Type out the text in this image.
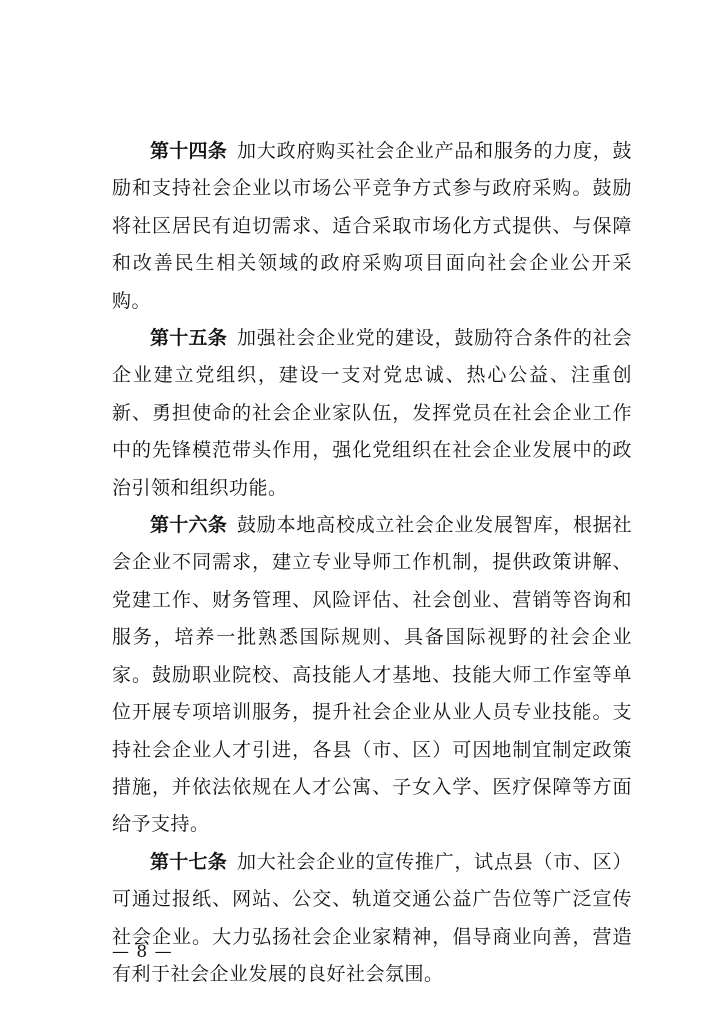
第十四条 加大政府购买社会企业产品和服务的力度，鼓励和支持社会企业以市场公平竞争方式参与政府采购。鼓励将社区居民有迫切需求、适合采取市场化方式提供、与保障和改善民生相关领域的政府采购项目面向社会企业公开采购。

第十五条 加强社会企业党的建设，鼓励符合条件的社会企业建立党组织，建设一支对党忠诚、热心公益、注重创新、勇担使命的社会企业家队伍，发挥党员在社会企业工作中的先锋模范带头作用，强化党组织在社会企业发展中的政治引领和组织功能。

第十六条 鼓励本地高校成立社会企业发展智库，根据社会企业不同需求，建立专业导师工作机制，提供政策讲解、党建工作、财务管理、风险评估、社会创业、营销等咨询和服务，培养一批熟悉国际规则、具备国际视野的社会企业家。鼓励职业院校、高技能人才基地、技能大师工作室等单位开展专项培训服务，提升社会企业从业人员专业技能。支持社会企业人才引进，各县（市、区）可因地制宜制定政策措施，并依法依规在人才公寓、子女入学、医疗保障等方面给予支持。

第十七条 加大社会企业的宣传推广，试点县（市、区）可通过报纸、网站、公交、轨道交通公益广告位等广泛宣传社会企业。大力弘扬社会企业家精神，倡导商业向善，营造有利于社会企业发展的良好社会氛围。

— 8 —
